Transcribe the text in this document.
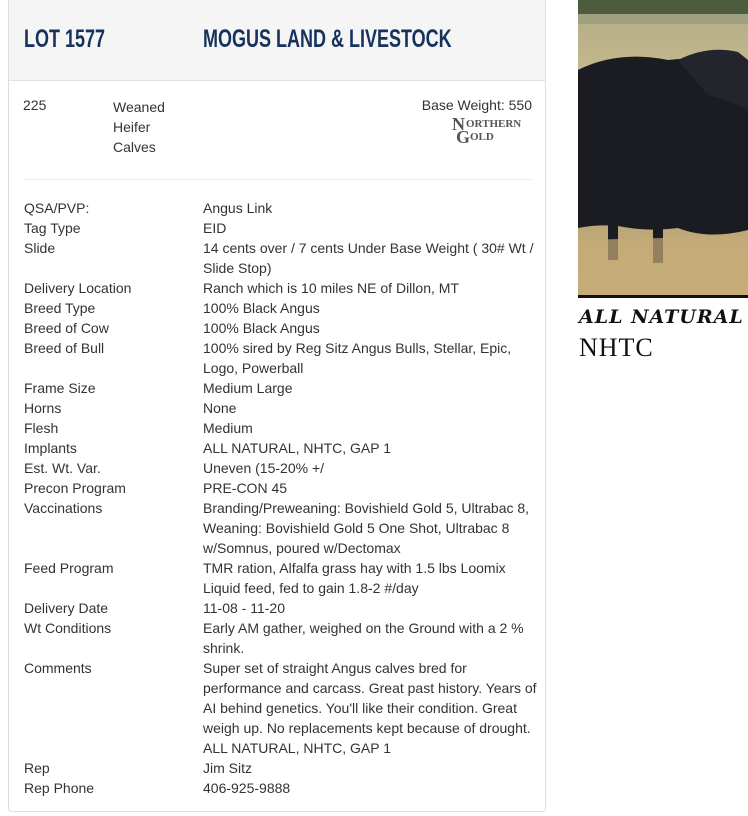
LOT 1577	MOGUS LAND & LIVESTOCK
225	Weaned
Heifer
Calves
Base Weight: 550
N ORTHERN
G OLD
QSA/PVP:	Angus Link
Tag Type	EID
Slide	14 cents over / 7 cents Under Base Weight ( 30# Wt / Slide Stop)
Delivery Location	Ranch which is 10 miles NE of Dillon, MT
Breed Type	100% Black Angus
Breed of Cow	100% Black Angus
Breed of Bull	100% sired by Reg Sitz Angus Bulls, Stellar, Epic, Logo, Powerball
Frame Size	Medium Large
Horns	None
Flesh	Medium
Implants	ALL NATURAL, NHTC, GAP 1
Est. Wt. Var.	Uneven (15-20% +/
Precon Program	PRE-CON 45
Vaccinations	Branding/Preweaning: Bovishield Gold 5, Ultrabac 8, Weaning: Bovishield Gold 5 One Shot, Ultrabac 8 w/Somnus, poured w/Dectomax
Feed Program	TMR ration, Alfalfa grass hay with 1.5 lbs Loomix Liquid feed, fed to gain 1.8-2 #/day
Delivery Date	11-08 - 11-20
Wt Conditions	Early AM gather, weighed on the Ground with a 2 % shrink.
Comments	Super set of straight Angus calves bred for performance and carcass. Great past history. Years of AI behind genetics. You'll like their condition. Great weigh up. No replacements kept because of drought. ALL NATURAL, NHTC, GAP 1
Rep	Jim Sitz
Rep Phone	406-925-9888
ALL NATURAL
NHTC
